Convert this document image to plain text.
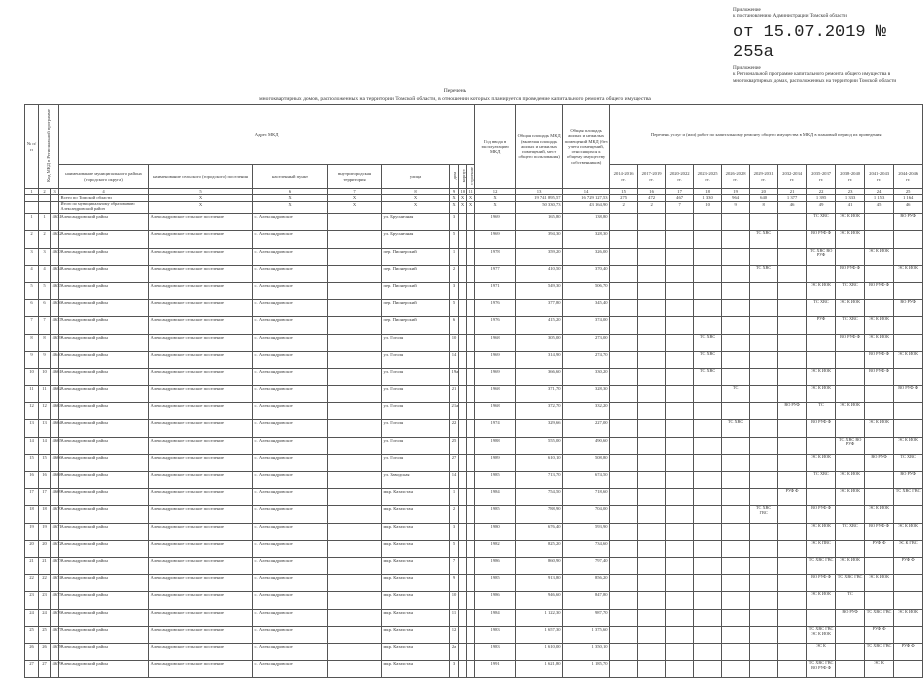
Приложение
к постановлению Администрации Томской области
от 15.07.2019 № 255а
Приложение
к Региональной программе капитального ремонта общего имущества в многоквартирных домах, расположенных на территории Томской области
Перечень
многоквартирных домов, расположенных на территории Томской области, в отношении которых планируется проведение капитального ремонта общего имущества
№ п/п	Код МКД в Региональной программе		Адрес МКД								Год ввода в эксплуатацию МКД	Общая площадь МКД (включая площадь жилых и нежилых помещений, мест общего пользования)	Общая площадь жилых и нежилых помещений МКД (без учета помещений, относящихся к общему имуществу собственников)	Перечень услуг и (или) работ по капитальному ремонту общего имущества в МКД в плановый период их проведения										
			наименование муниципального района (городского округа)	наименование сельского (городского) поселения	населенный пункт	внутригородская территория	улица	дом	корпус	строение				2014-2016 гг.	2017-2019 гг.	2020-2022 гг.	2023-2025 гг.	2026-2028 гг.	2029-2031 гг.	2032-2034 гг.	2035-2037 гг.	2038-2040 гг.	2041-2043 гг.	2044-2046 гг.
1	2	3	4	5	6	7	8	9	10	11	12	13	14	15	16	17	18	19	20	21	22	23	24	25
			Всего по Томской области	Х	Х	Х	Х	Х	Х	Х	Х	19 741 895,57	16 729 127,53	275	472	467	1 330	964	640	1 377	1 395	1 333	1 153	1 164
			Итого по муниципальному образованию Александровский район	Х	Х	Х	Х	Х	Х	Х	Х	50 330,73	43 164,90	2	2	7	10	9	8	46	49	41	45	46
1	1	4631	Александровский район	Александровское сельское поселение	с. Александровское		ул. Брусничная	3			1969	165,80	138,80								ТС ХВС	ЭС К ИОК		ВО РУФ
2	2	4632	Александровский район	Александровское сельское поселение	с. Александровское		ул. Брусничная	5			1969	394,30	328,30						ТС ХВС		ВО РУФ Ф	ЭС К ИОК		
3	3	4633	Александровский район	Александровское сельское поселение	с. Александровское		пер. Пионерский	1			1978	359,20	326,00								ТС ХВС ВО РУФ		ЭС К ИОК	
4	4	4634	Александровский район	Александровское сельское поселение	с. Александровское		пер. Пионерский	2			1977	410,50	370,40						ТС ХВС			ВО РУФ Ф		ЭС К ИОК
5	5	4635	Александровский район	Александровское сельское поселение	с. Александровское		пер. Пионерский	3			1971	549,30	506,70								ЭС К ИОК	ТС ХВС	ВО РУФ Ф	
6	6	4636	Александровский район	Александровское сельское поселение	с. Александровское		пер. Пионерский	5			1976	377,80	345,40								ТС ХВС	ЭС К ИОК		ВО РУФ
7	7	4637	Александровский район	Александровское сельское поселение	с. Александровское		пер. Пионерский	6			1976	415,20	374,00								РУФ	ТС ХВС	ЭС К ИОК	
8	8	4639	Александровский район	Александровское сельское поселение	с. Александровское		ул. Гоголя	10			1968	305,00	273,00				ТС ХВС					ВО РУФ Ф	ЭС К ИОК	
9	9	4640	Александровский район	Александровское сельское поселение	с. Александровское		ул. Гоголя	14			1969	314,90	274,70				ТС ХВС						ВО РУФ Ф	ЭС К ИОК
10	10	4661	Александровский район	Александровское сельское поселение	с. Александровское		ул. Гоголя	19а			1969	366,60	330,20				ТС ХВС				ЭС К ИОК		ВО РУФ Ф	
11	11	4662	Александровский район	Александровское сельское поселение	с. Александровское		ул. Гоголя	21			1968	371,70	328,30					ТС			ЭС К ИОК			ВО РУФ Ф
12	12	4663	Александровский район	Александровское сельское поселение	с. Александровское		ул. Гоголя	21а			1968	372,70	332,20							ВО РУФ	ТС	ЭС К ИОК		
13	13	4664	Александровский район	Александровское сельское поселение	с. Александровское		ул. Гоголя	22			1974	329,66	227,00					ТС ХВС			ВО РУФ Ф		ЭС К ИОК	
14	14	4665	Александровский район	Александровское сельское поселение	с. Александровское		ул. Гоголя	25			1988	555,00	490,60									ТС ХВС ВО РУФ		ЭС К ИОК
15	15	4666	Александровский район	Александровское сельское поселение	с. Александровское		ул. Гоголя	27			1989	610,10	508,80								ЭС К ИОК		ВО РУФ	ТС ХВС
16	16	4668	Александровский район	Александровское сельское поселение	с. Александровское		ул. Заводская	14			1985	713,70	674,50								ТС ХВС	ЭС К ИОК		ВО РУФ
17	17	4669	Александровский район	Александровское сельское поселение	с. Александровское		мкр. Казахстан	1			1984	754,50	718,60							РУФ Ф		ЭС К ИОК		ТС ХВС ГВС
18	18	4670	Александровский район	Александровское сельское поселение	с. Александровское		мкр. Казахстан	2			1985	788,90	704,00						ТС ХВС ГВС		ВО РУФ Ф		ЭС К ИОК	
19	19	4671	Александровский район	Александровское сельское поселение	с. Александровское		мкр. Казахстан	3			1980	676,40	593,90								ЭС К ИОК	ТС ХВС	ВО РУФ Ф	ЭС К ИОК
20	20	4672	Александровский район	Александровское сельское поселение	с. Александровское		мкр. Казахстан	5			1982	825,20	734,60								ЭС К ПВС		РУФ Ф	ЭС К ГВС
21	21	4673	Александровский район	Александровское сельское поселение	с. Александровское		мкр. Казахстан	7			1986	860,90	797,40								ТС ХВС ГВС	ЭС К ИОК		РУФ Ф
22	22	4674	Александровский район	Александровское сельское поселение	с. Александровское		мкр. Казахстан	9			1985	913,80	856,20								ВО РУФ Ф	ТС ХВС ГВС	ЭС К ИОК	
23	23	4675	Александровский район	Александровское сельское поселение	с. Александровское		мкр. Казахстан	10			1986	946,60	847,80								ЭС К ИОК	ТС		
24	24	4676	Александровский район	Александровское сельское поселение	с. Александровское		мкр. Казахстан	11			1984	1 122,30	987,70									ВО РУФ	ТС ХВС ГВС	ЭС К ИОК
25	25	4677	Александровский район	Александровское сельское поселение	с. Александровское		мкр. Казахстан	12			1983	1 657,30	1 375,60								ТС ХВС ГВС ЭС К ИОК		РУФ Ф	
26	26	4678	Александровский район	Александровское сельское поселение	с. Александровское		мкр. Казахстан	2а			1983	1 610,00	1 350,10								ЭС К		ТС ХВС ГВС	РУФ Ф
27	27	4679	Александровский район	Александровское сельское поселение	с. Александровское		мкр. Казахстан	3			1991	1 621,80	1 185,70								ТС ХВС ГВС ВО РУФ Ф		ЭС К	
